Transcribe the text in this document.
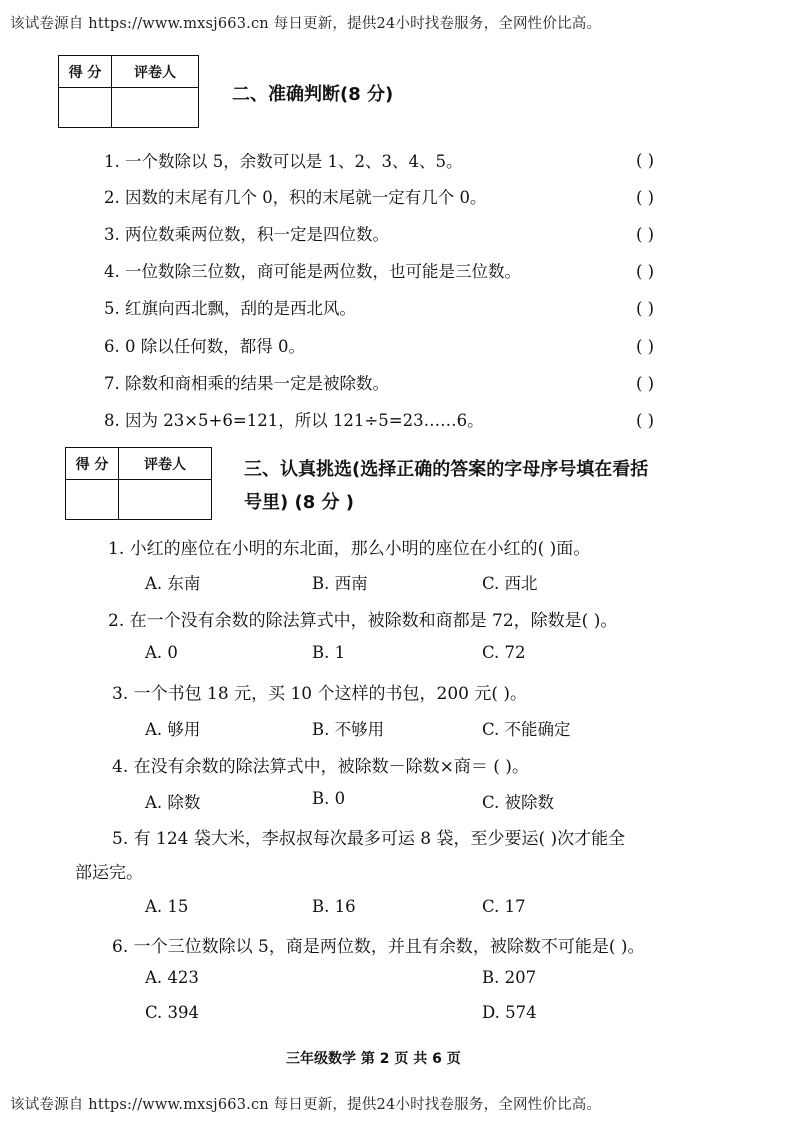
该试卷源自 https://www.mxsj663.cn 每日更新，提供24小时找卷服务，全网性价比高。
得 分	评卷人

二、准确判断(8 分)
1. 一个数除以 5，余数可以是 1、2、3、4、5。	( )
2. 因数的末尾有几个 0，积的末尾就一定有几个 0。	( )
3. 两位数乘两位数，积一定是四位数。	( )
4. 一位数除三位数，商可能是两位数，也可能是三位数。	( )
5. 红旗向西北飘，刮的是西北风。	( )
6. 0 除以任何数，都得 0。	( )
7. 除数和商相乘的结果一定是被除数。	( )
8. 因为 23×5+6=121，所以 121÷5=23……6。	( )
得 分	评卷人
		三、认真挑选(选择正确的答案的字母序号填在看括
号里) (8 分 )
1. 小红的座位在小明的东北面，那么小明的座位在小红的( )面。
A. 东南	B. 西南	C. 西北
2. 在一个没有余数的除法算式中，被除数和商都是 72，除数是( )。
A. 0	B. 1	C. 72
3. 一个书包 18 元，买 10 个这样的书包，200 元( )。
A. 够用	B. 不够用	C. 不能确定
4. 在没有余数的除法算式中，被除数－除数×商＝ ( )。
A. 除数	B. 0	C. 被除数
5. 有 124 袋大米，李叔叔每次最多可运 8 袋，至少要运( )次才能全
部运完。
A. 15	B. 16	C. 17
6. 一个三位数除以 5，商是两位数，并且有余数，被除数不可能是( )。
A. 423	B. 207
C. 394	D. 574
三年级数学 第 2 页 共 6 页
该试卷源自 https://www.mxsj663.cn 每日更新，提供24小时找卷服务，全网性价比高。
